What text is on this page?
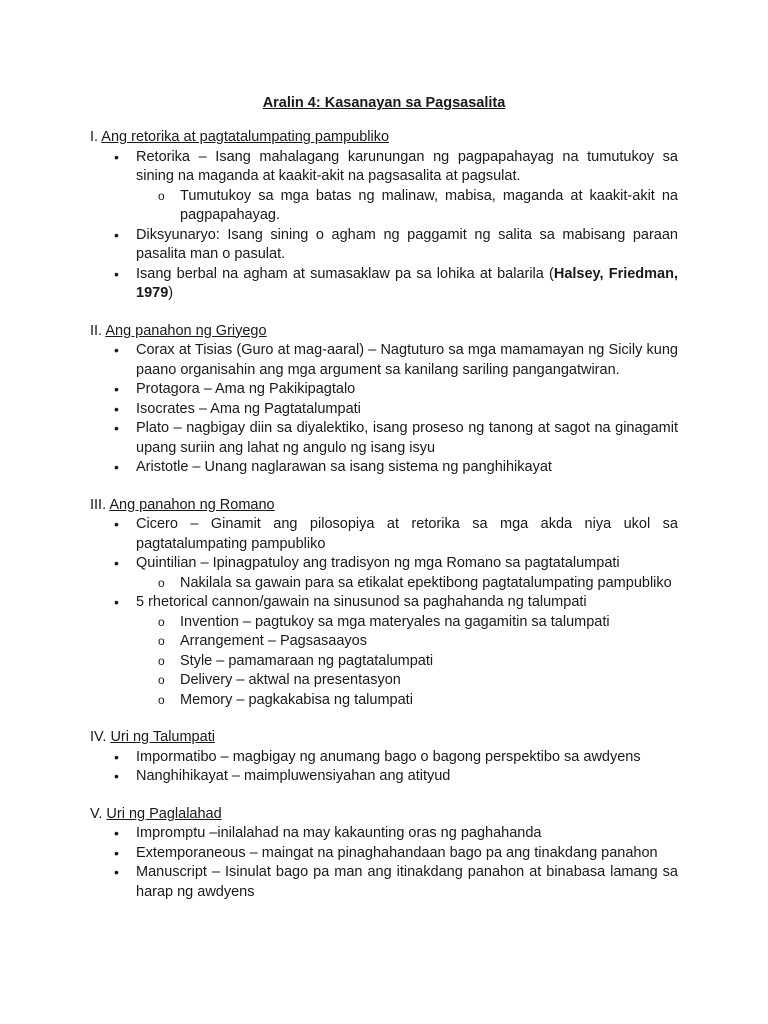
Aralin 4: Kasanayan sa Pagsasalita

I. Ang retorika at pagtatalumpating pampubliko

• Retorika – Isang mahalagang karunungan ng pagpapahayag na tumutukoy sa sining na maganda at kaakit-akit na pagsasalita at pagsulat.
o Tumutukoy sa mga batas ng malinaw, mabisa, maganda at kaakit-akit na pagpapahayag.
• Diksyunaryo: Isang sining o agham ng paggamit ng salita sa mabisang paraan pasalita man o pasulat.
• Isang berbal na agham at sumasaklaw pa sa lohika at balarila (Halsey, Friedman, 1979)

II. Ang panahon ng Griyego

• Corax at Tisias (Guro at mag-aaral) – Nagtuturo sa mga mamamayan ng Sicily kung paano organisahin ang mga argument sa kanilang sariling pangangatwiran.
• Protagora – Ama ng Pakikipagtalo
• Isocrates – Ama ng Pagtatalumpati
• Plato – nagbigay diin sa diyalektiko, isang proseso ng tanong at sagot na ginagamit upang suriin ang lahat ng angulo ng isang isyu
• Aristotle – Unang naglarawan sa isang sistema ng panghihikayat

III. Ang panahon ng Romano

• Cicero – Ginamit ang pilosopiya at retorika sa mga akda niya ukol sa pagtatalumpating pampubliko
• Quintilian – Ipinagpatuloy ang tradisyon ng mga Romano sa pagtatalumpati
o Nakilala sa gawain para sa etikalat epektibong pagtatalumpating pampubliko
• 5 rhetorical cannon/gawain na sinusunod sa paghahanda ng talumpati
o Invention – pagtukoy sa mga materyales na gagamitin sa talumpati
o Arrangement – Pagsasaayos
o Style – pamamaraan ng pagtatalumpati
o Delivery – aktwal na presentasyon
o Memory – pagkakabisa ng talumpati

IV. Uri ng Talumpati

• Impormatibo – magbigay ng anumang bago o bagong perspektibo sa awdyens
• Nanghihikayat – maimpluwensiyahan ang atityud

V. Uri ng Paglalahad

• Impromptu –inilalahad na may kakaunting oras ng paghahanda
• Extemporaneous – maingat na pinaghahandaan bago pa ang tinakdang panahon
• Manuscript – Isinulat bago pa man ang itinakdang panahon at binabasa lamang sa harap ng awdyens
